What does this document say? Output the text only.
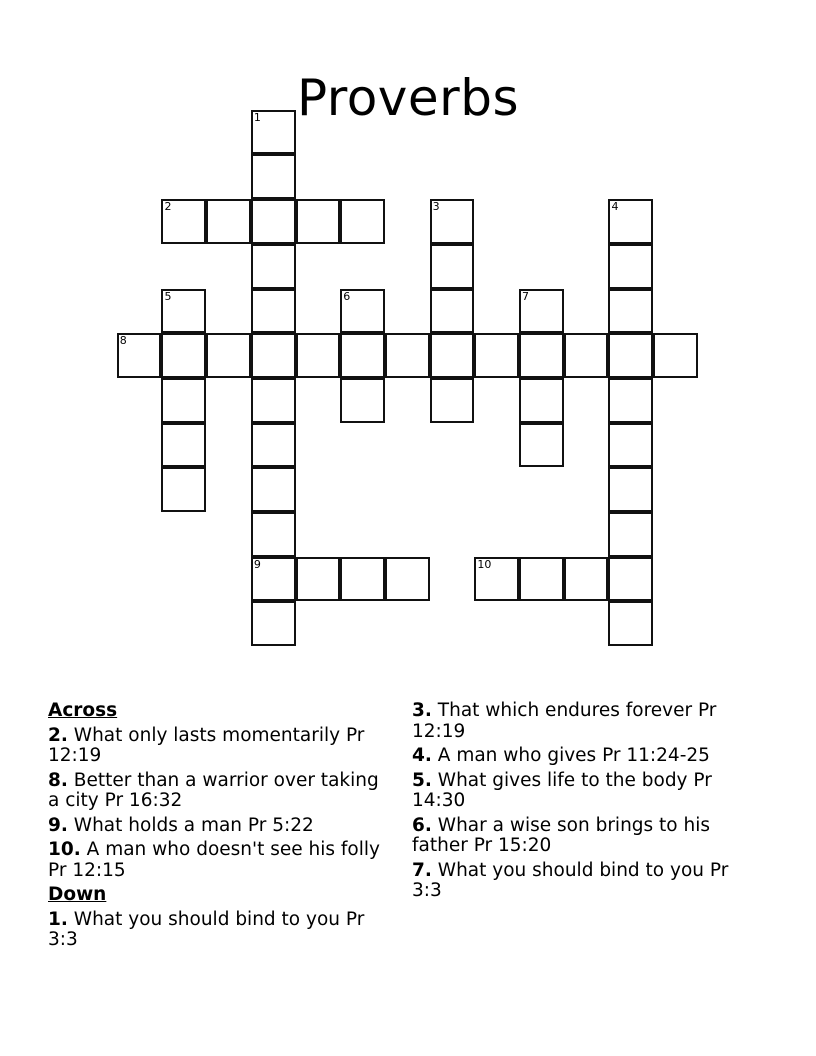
Proverbs
1
9
2	3	4
5	6	7
8
10
Across
2. What only lasts momentarily Pr 12:19
8. Better than a warrior over taking a city Pr 16:32
9. What holds a man Pr 5:22
10. A man who doesn't see his folly Pr 12:15
Down
1. What you should bind to you Pr 3:3
3. That which endures forever Pr 12:19
4. A man who gives Pr 11:24-25
5. What gives life to the body Pr 14:30
6. Whar a wise son brings to his father Pr 15:20
7. What you should bind to you Pr 3:3
